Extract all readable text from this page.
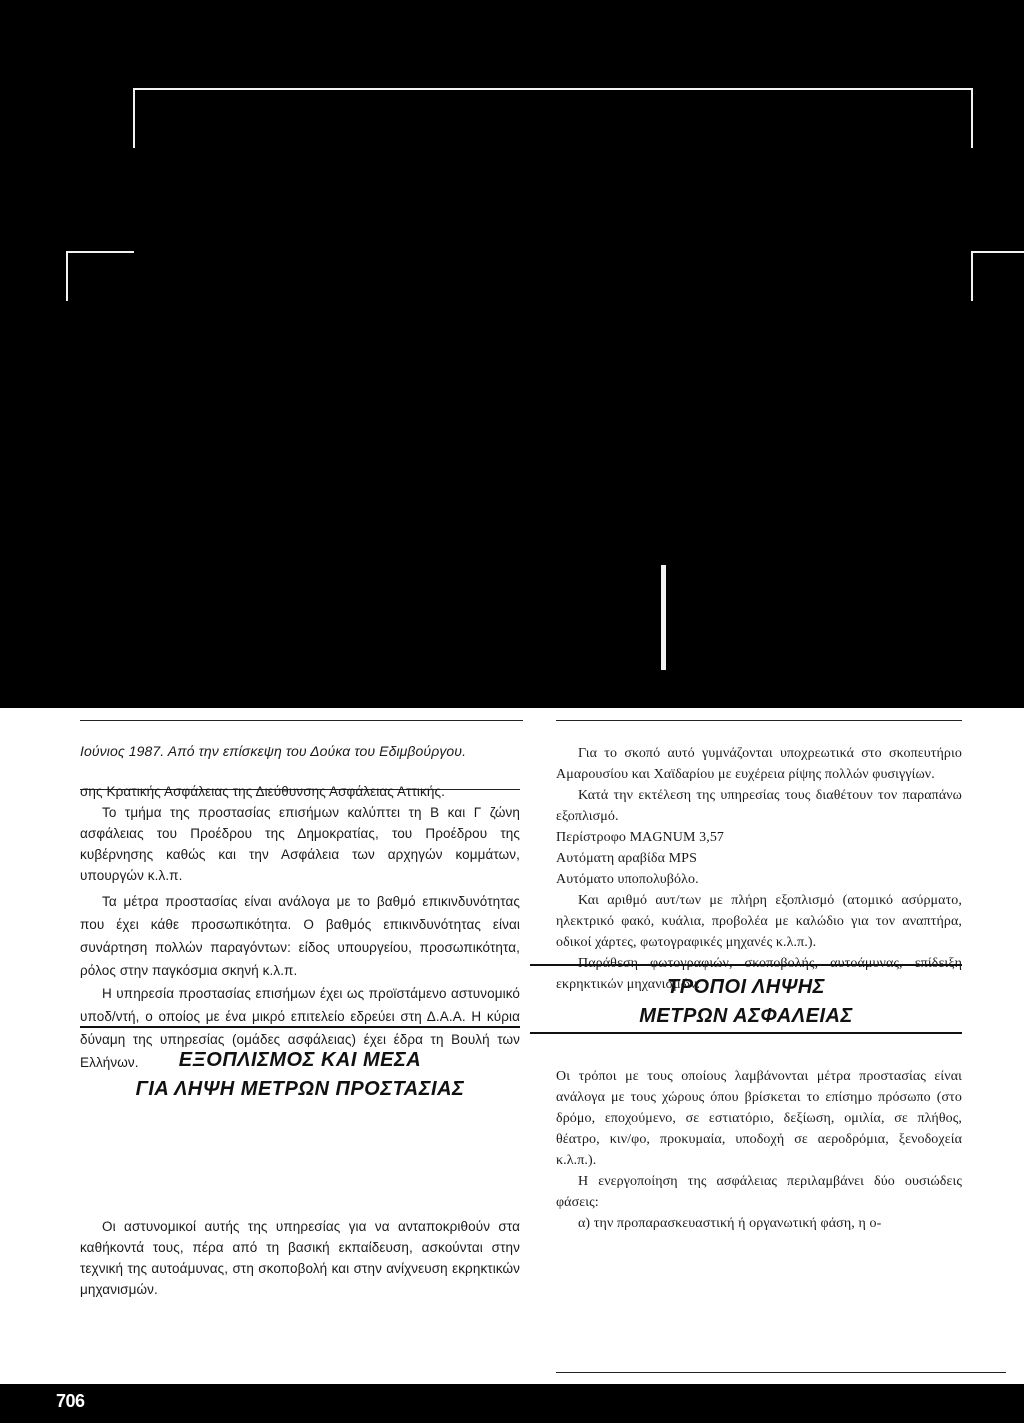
Ιούνιος 1987. Από την επίσκεψη του Δούκα του Εδιμβούργου.

σης Κρατικής Ασφάλειας της Διεύθυνσης Ασφάλειας Αττικής.

Το τμήμα της προστασίας επισήμων καλύπτει τη Β και Γ ζώνη ασφάλειας του Προέδρου της Δημοκρατίας, του Προέδρου της κυβέρνησης καθώς και την Ασφάλεια των αρχηγών κομμάτων, υπουργών κ.λ.π.

Τα μέτρα προστασίας είναι ανάλογα με το βαθμό επικινδυνότητας που έχει κάθε προσωπικότητα. Ο βαθμός επικινδυνότητας είναι συνάρτηση πολλών παραγόντων: είδος υπουργείου, προσωπικότητα, ρόλος στην παγκόσμια σκηνή κ.λ.π.

Η υπηρεσία προστασίας επισήμων έχει ως προϊστάμενο αστυνομικό υποδ/ντή, ο οποίος με ένα μικρό επιτελείο εδρεύει στη Δ.Α.Α. Η κύρια δύναμη της υπηρεσίας (ομάδες ασφάλειας) έχει έδρα τη Βουλή των Ελλήνων.	ΕΞΟΠΛΙΣΜΟΣ ΚΑΙ ΜΕΣΑ
ΓΙΑ ΛΗΨΗ ΜΕΤΡΩΝ ΠΡΟΣΤΑΣΙΑΣ

Οι αστυνομικοί αυτής της υπηρεσίας για να ανταποκριθούν στα καθήκοντά τους, πέρα από τη βασική εκπαίδευση, ασκούνται στην τεχνική της αυτοάμυνας, στη σκοποβολή και στην ανίχνευση εκρηκτικών μηχανισμών.

Για το σκοπό αυτό γυμνάζονται υποχρεωτικά στο σκοπευτήριο Αμαρουσίου και Χαϊδαρίου με ευχέρεια ρίψης πολλών φυσιγγίων.

Κατά την εκτέλεση της υπηρεσίας τους διαθέτουν τον παραπάνω εξοπλισμό.

Περίστροφο MAGNUM 3,57

Αυτόματη αραβίδα MPS

Αυτόματο υποπολυβόλο.

Και αριθμό αυτ/των με πλήρη εξοπλισμό (ατομικό ασύρματο, ηλεκτρικό φακό, κυάλια, προβολέα με καλώδιο για τον αναπτήρα, οδικοί χάρτες, φωτογραφικές μηχανές κ.λ.π.).

εκρηκτικών μηχανισμών.

ΤΡΟΠΟΙ ΛΗΨΗΣ
ΜΕΤΡΩΝ ΑΣΦΑΛΕΙΑΣ

Οι τρόποι με τους οποίους λαμβάνονται μέτρα προστασίας είναι ανάλογα με τους χώρους όπου βρίσκεται το επίσημο πρόσωπο (στο δρόμο, εποχούμενο, σε εστιατόριο, δεξίωση, ομιλία, σε πλήθος, θέατρο, κιν/φο, προκυμαία, υποδοχή σε αεροδρόμια, ξενοδοχεία κ.λ.π.).

Η ενεργοποίηση της ασφάλειας περιλαμβάνει δύο ουσιώδεις φάσεις:

α) την προπαρασκευαστική ή οργανωτική φάση, η ο-

706
